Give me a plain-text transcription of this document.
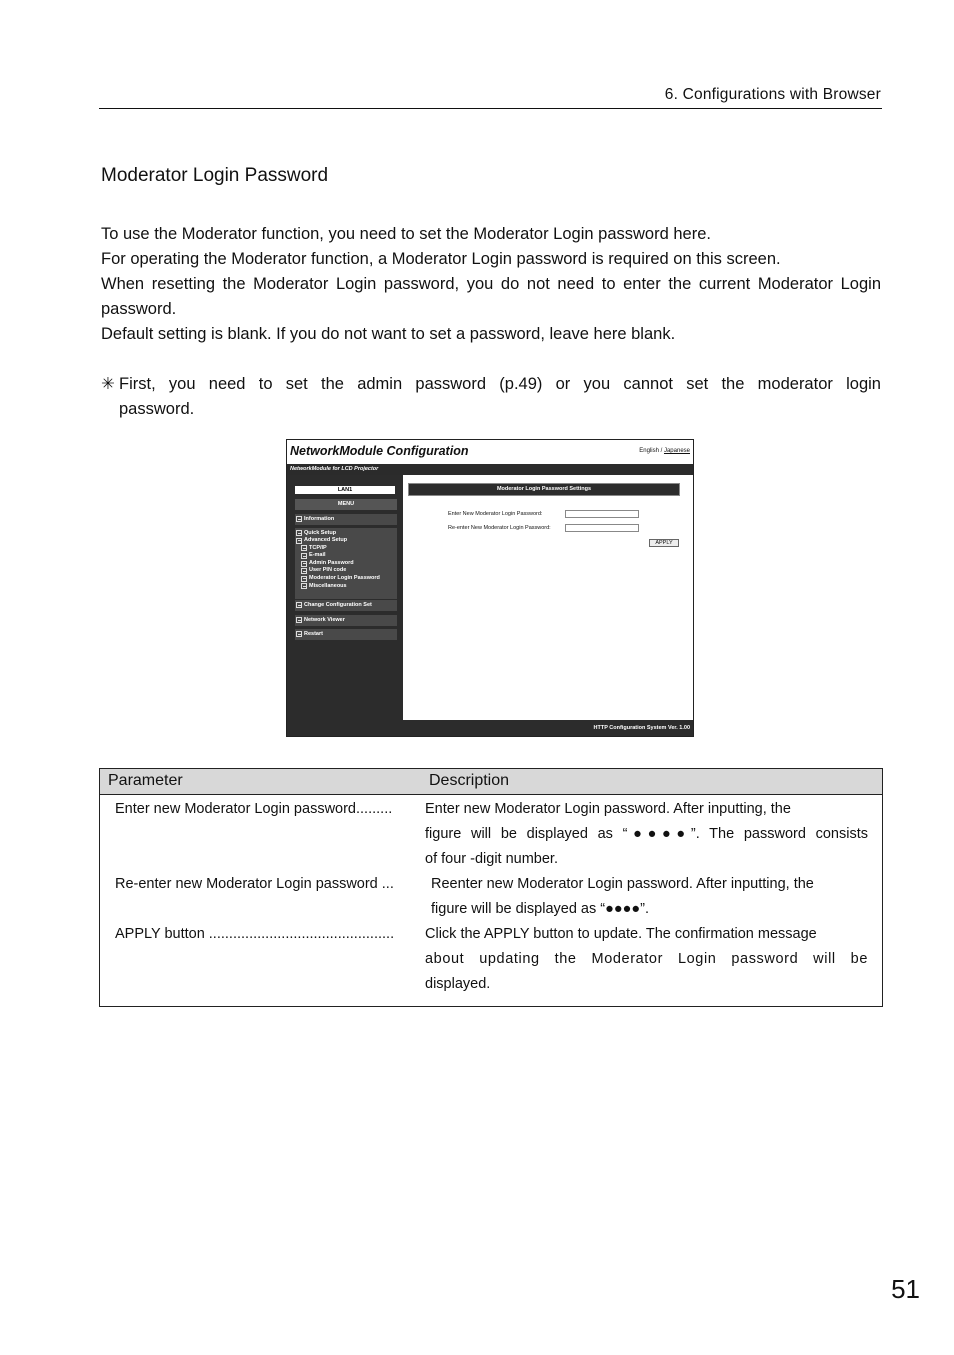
6. Configurations with Browser
Moderator Login Password

To use the Moderator function, you need to set the Moderator Login password here.

For operating the Moderator function, a Moderator Login password is required on this screen.

When resetting the Moderator Login password, you do not need to enter the current Moderator Login password.

Default setting is blank. If you do not want to set a password, leave here blank.

✳ First, you need to set the admin password (p.49) or you cannot set the moderator login
password.
NetworkModule Configuration	English / Japanese
NetworkModule for LCD Projector
LAN1
MENU
Information
Quick Setup
Advanced Setup
TCP/IP
E-mail
Admin Password
User PIN code
Moderator Login Password
Miscellaneous
Change Configuration Set
Network Viewer
Restart
Moderator Login Password Settings
Enter New Moderator Login Password:
Re-enter New Moderator Login Password:
APPLY
HTTP Configuration System Ver. 1.00
Parameter	Description
Enter new Moderator Login password......... Enter new Moderator Login password. After inputting, the
figure will be displayed as “●●●●”. The password consists
of four -digit number.
Re-enter new Moderator Login password ...	Reenter new Moderator Login password. After inputting, the
figure will be displayed as “●●●●”.
APPLY button .............................................. Click the APPLY button to update. The confirmation message
about updating the Moderator Login password will be
displayed.
51
